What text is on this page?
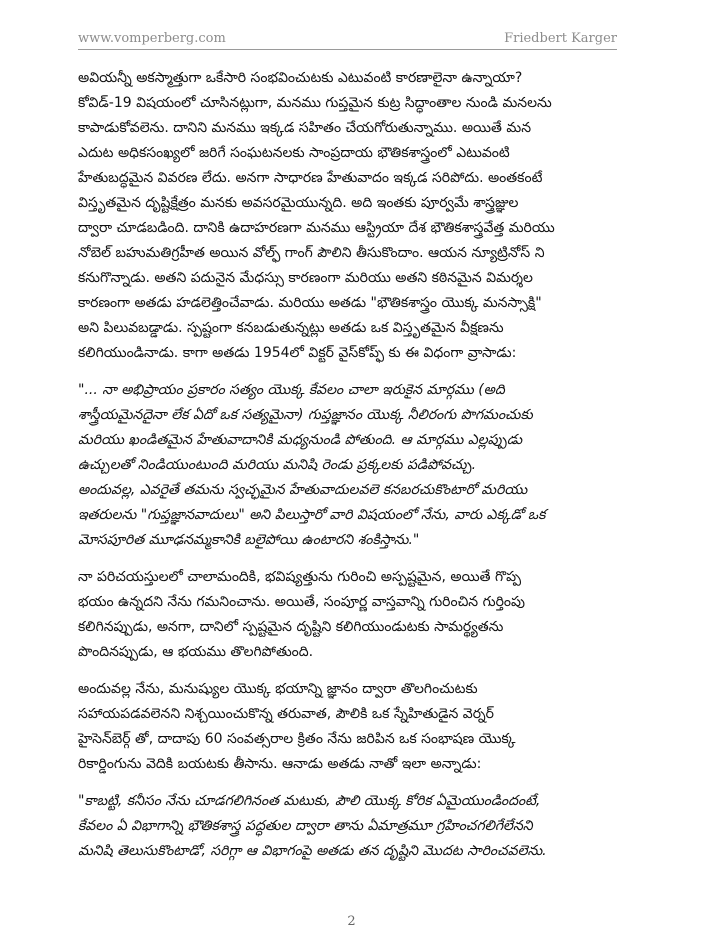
www.vomperberg.com	Friedbert Karger
అవియన్నీ అకస్మాత్తుగా ఒకేసారి సంభవించుటకు ఎటువంటి కారణాలైనా ఉన్నాయా?
కోవిడ్-19 విషయంలో చూసినట్లుగా, మనము గుప్తమైన కుట్ర సిద్ధాంతాల నుండి మనలను
కాపాడుకోవలెను. దానిని మనము ఇక్కడ సహితం చేయగోరుతున్నాము. అయితే మన
ఎదుట అధికసంఖ్యలో జరిగే సంఘటనలకు సాంప్రదాయ భౌతికశాస్త్రంలో ఎటువంటి
హేతుబద్ధమైన వివరణ లేదు. అనగా సాధారణ హేతువాదం ఇక్కడ సరిపోదు. అంతకంటే
విస్తృతమైన దృష్టిక్షేత్రం మనకు అవసరమైయున్నది. అది ఇంతకు పూర్వమే శాస్త్రజ్ఞుల
ద్వారా చూడబడింది. దానికి ఉదాహరణగా మనము ఆస్ట్రియా దేశ భౌతికశాస్త్రవేత్త మరియు
నోబెల్ బహుమతిగ్రహీత అయిన వోల్ఫ్ గాంగ్ పౌలిని తీసుకొందాం. ఆయన న్యూట్రినోస్ ని
కనుగొన్నాడు. అతని పదునైన మేధస్సు కారణంగా మరియు అతని కఠినమైన విమర్శల
కారణంగా అతడు హడలెత్తించేవాడు. మరియు అతడు "భౌతికశాస్త్రం యొక్క మనస్సాక్షి"
అని పిలువబడ్డాడు. స్పష్టంగా కనబడుతున్నట్లు అతడు ఒక విస్తృతమైన వీక్షణను
కలిగియుండినాడు. కాగా అతడు 1954లో విక్టర్ వైస్‌కోప్ఫ్ కు ఈ విధంగా వ్రాసాడు:
"... నా అభిప్రాయం ప్రకారం సత్యం యొక్క కేవలం చాలా ఇరుకైన మార్గము (అది
శాస్త్రీయమైనదైనా లేక ఏదో ఒక సత్యమైనా) గుప్తజ్ఞానం యొక్క నీలిరంగు పొగమంచుకు
మరియు ఖండితమైన హేతువాదానికి మధ్యనుండి పోతుంది. ఆ మార్గము ఎల్లప్పుడు
ఉచ్చులతో నిండియుంటుంది మరియు మనిషి రెండు ప్రక్కలకు పడిపోవచ్చు.
అందువల్ల, ఎవరైతే తమను స్వచ్ఛమైన హేతువాదులవలె కనబరచుకొంటారో మరియు
ఇతరులను "గుప్తజ్ఞానవాదులు" అని పిలుస్తారో వారి విషయంలో నేను, వారు ఎక్కడో ఒక
మోసపూరిత మూఢనమ్మకానికి బలైపోయి ఉంటారని శంకిస్తాను."
నా పరిచయస్తులలో చాలామందికి, భవిష్యత్తును గురించి అస్పష్టమైన, అయితే గొప్ప
భయం ఉన్నదని నేను గమనించాను. అయితే, సంపూర్ణ వాస్తవాన్ని గురించిన గుర్తింపు
కలిగినప్పుడు, అనగా, దానిలో స్పష్టమైన దృష్టిని కలిగియుండుటకు సామర్థ్యతను
పొందినప్పుడు, ఆ భయము తొలగిపోతుంది.
అందువల్ల నేను, మనుష్యుల యొక్క భయాన్ని జ్ఞానం ద్వారా తొలగించుటకు
సహాయపడవలెనని నిశ్చయించుకొన్న తరువాత, పౌలికి ఒక స్నేహితుడైన వెర్నర్
హైసెన్‌బెర్గ్ తో, దాదాపు 60 సంవత్సరాల క్రితం నేను జరిపిన ఒక సంభాషణ యొక్క
రికార్డింగును వెదికి బయటకు తీసాను. ఆనాడు అతడు నాతో ఇలా అన్నాడు:
"కాబట్టి, కనీసం నేను చూడగలిగినంత మటుకు, పౌలి యొక్క కోరిక ఏమైయుండిందంటే,
కేవలం ఏ విభాగాన్ని భౌతికశాస్త్ర పద్ధతుల ద్వారా తాను ఏమాత్రమూ గ్రహించగలిగేలేనని
మనిషి తెలుసుకొంటాడో, సరిగ్గా ఆ విభాగంపై అతడు తన దృష్టిని మొదట సారించవలెను.
2
